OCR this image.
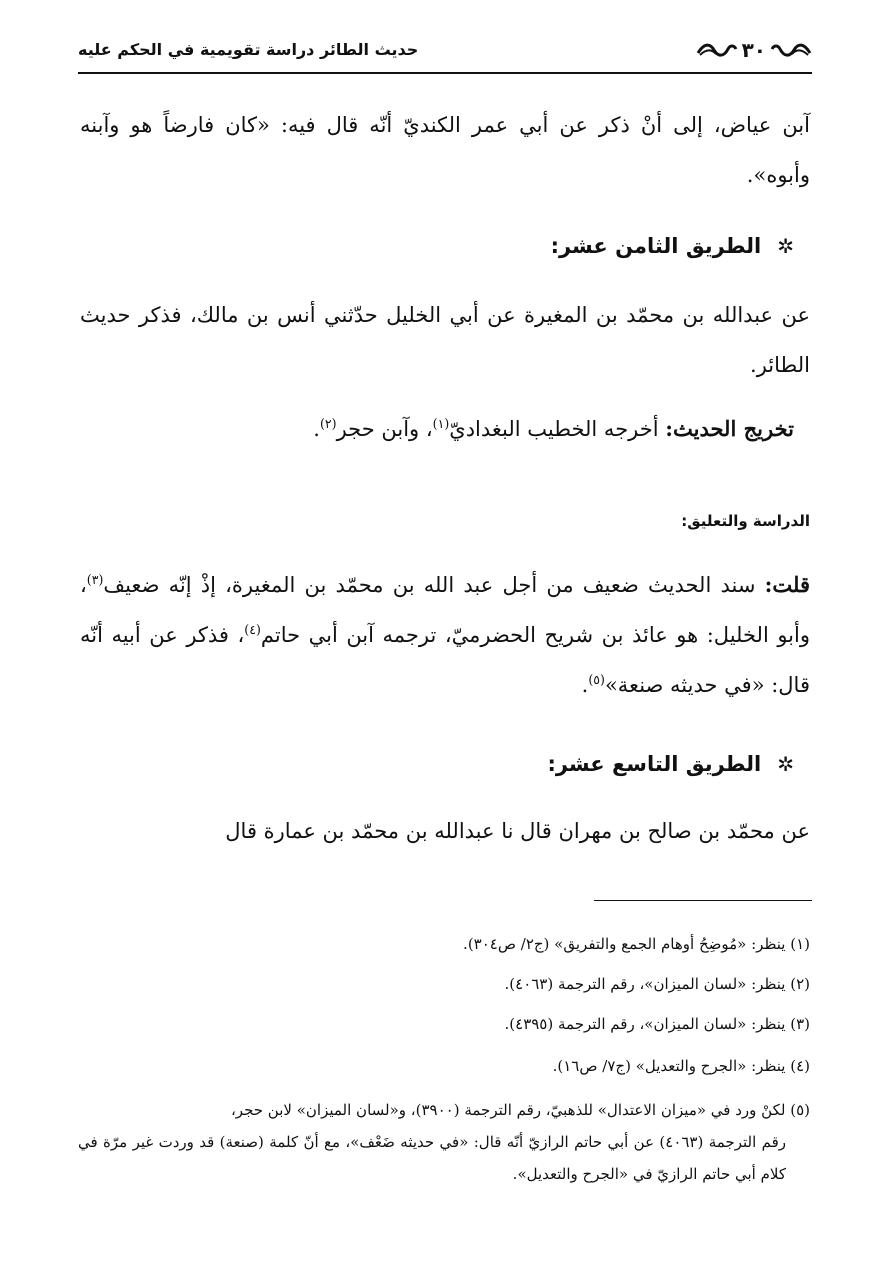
٣٠
حديث الطائر دراسة تقويمية في الحكم عليه

آبن عياض، إلى أنْ ذكر عن أبي عمر الكنديّ أنّه قال فيه: «كان فارضاً هو وآبنه وأبوه».

✲
الطريق الثامن عشر:

عن عبدالله بن محمّد بن المغيرة عن أبي الخليل حدّثني أنس بن مالك، فذكر حديث الطائر.

تخريج الحديث: أخرجه الخطيب البغداديّ$^{(١)}$، وآبن حجر$^{(٢)}$.

الدراسة والتعليق:

قلت: سند الحديث ضعيف من أجل عبد الله بن محمّد بن المغيرة، إذْ إنّه ضعيف$^{(٣)}$، وأبو الخليل: هو عائذ بن شريح الحضرميّ، ترجمه آبن أبي حاتم$^{(٤)}$، فذكر عن أبيه أنّه قال: «في حديثه صنعة»$^{(٥)}$.

✲
الطريق التاسع عشر:

عن محمّد بن صالح بن مهران قال نا عبدالله بن محمّد بن عمارة قال

(١) ينظر: «مُوضِحُ أوهام الجمع والتفريق» (ج٢/ ص٣٠٤).

(٢) ينظر: «لسان الميزان»، رقم الترجمة (٤٠٦٣).

(٣) ينظر: «لسان الميزان»، رقم الترجمة (٤٣٩٥).

(٤) ينظر: «الجرح والتعديل» (ج٧/ ص١٦).

(٥) لكنْ ورد في «ميزان الاعتدال» للذهبيّ، رقم الترجمة (٣٩٠٠)، و«لسان الميزان» لابن حجر،
رقم الترجمة (٤٠٦٣) عن أبي حاتم الرازيّ أنّه قال: «في حديثه ضَعْف»، مع أنّ كلمة (صنعة) قد وردت غير مرّة في كلام أبي حاتم الرازيّ في «الجرح والتعديل».
